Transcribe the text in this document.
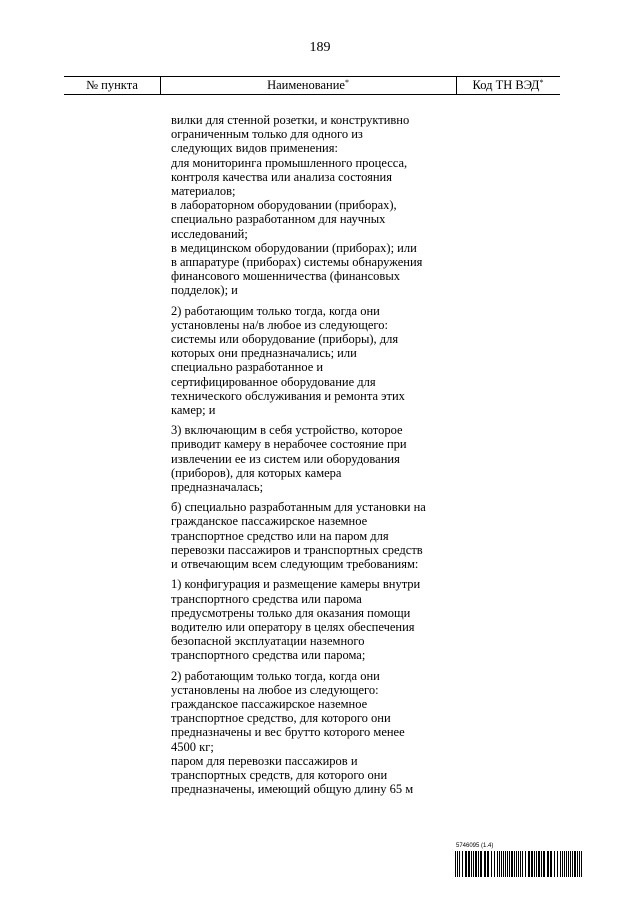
189
№ пункта	Наименование*	Код ТН ВЭД*
вилки для стенной розетки, и конструктивно
ограниченным только для одного из
следующих видов применения:
для мониторинга промышленного процесса,
контроля качества или анализа состояния
материалов;
в лабораторном оборудовании (приборах),
специально разработанном для научных
исследований;
в медицинском оборудовании (приборах); или
в аппаратуре (приборах) системы обнаружения
финансового мошенничества (финансовых
подделок); и
2) работающим только тогда, когда они
установлены на/в любое из следующего:
системы или оборудование (приборы), для
которых они предназначались; или
специально разработанное и
сертифицированное оборудование для
технического обслуживания и ремонта этих
камер; и
3) включающим в себя устройство, которое
приводит камеру в нерабочее состояние при
извлечении ее из систем или оборудования
(приборов), для которых камера
предназначалась;
б) специально разработанным для установки на
гражданское пассажирское наземное
транспортное средство или на паром для
перевозки пассажиров и транспортных средств
и отвечающим всем следующим требованиям:
1) конфигурация и размещение камеры внутри
транспортного средства или парома
предусмотрены только для оказания помощи
водителю или оператору в целях обеспечения
безопасной эксплуатации наземного
транспортного средства или парома;
2) работающим только тогда, когда они
установлены на любое из следующего:
гражданское пассажирское наземное
транспортное средство, для которого они
предназначены и вес брутто которого менее
4500 кг;
паром для перевозки пассажиров и
транспортных средств, для которого они
предназначены, имеющий общую длину 65 м
5746095 (1.4)
